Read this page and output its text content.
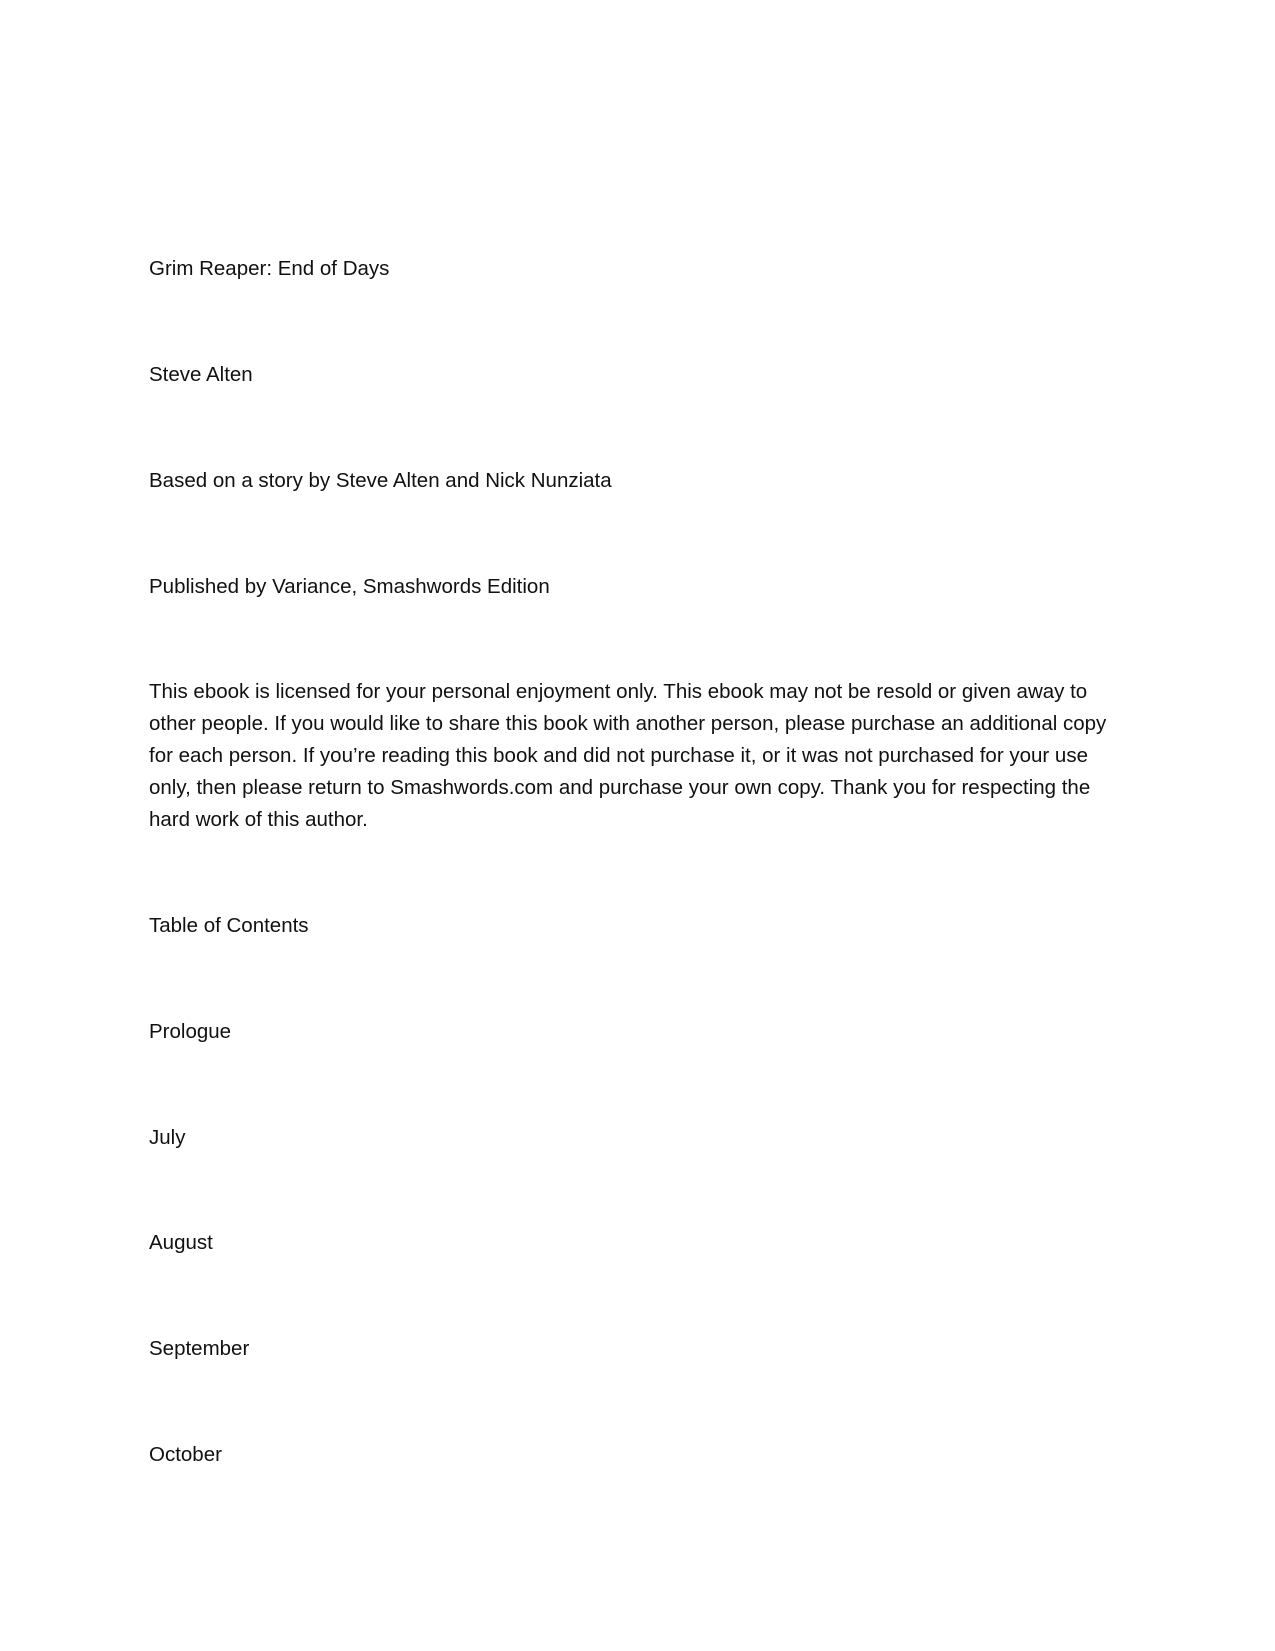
Grim Reaper: End of Days

Steve Alten

Based on a story by Steve Alten and Nick Nunziata

Published by Variance, Smashwords Edition

This ebook is licensed for your personal enjoyment only. This ebook may not be resold or given away to other people. If you would like to share this book with another person, please purchase an additional copy for each person. If you’re reading this book and did not purchase it, or it was not purchased for your use only, then please return to Smashwords.com and purchase your own copy. Thank you for respecting the hard work of this author.

Table of Contents

Prologue

July

August

September

October
